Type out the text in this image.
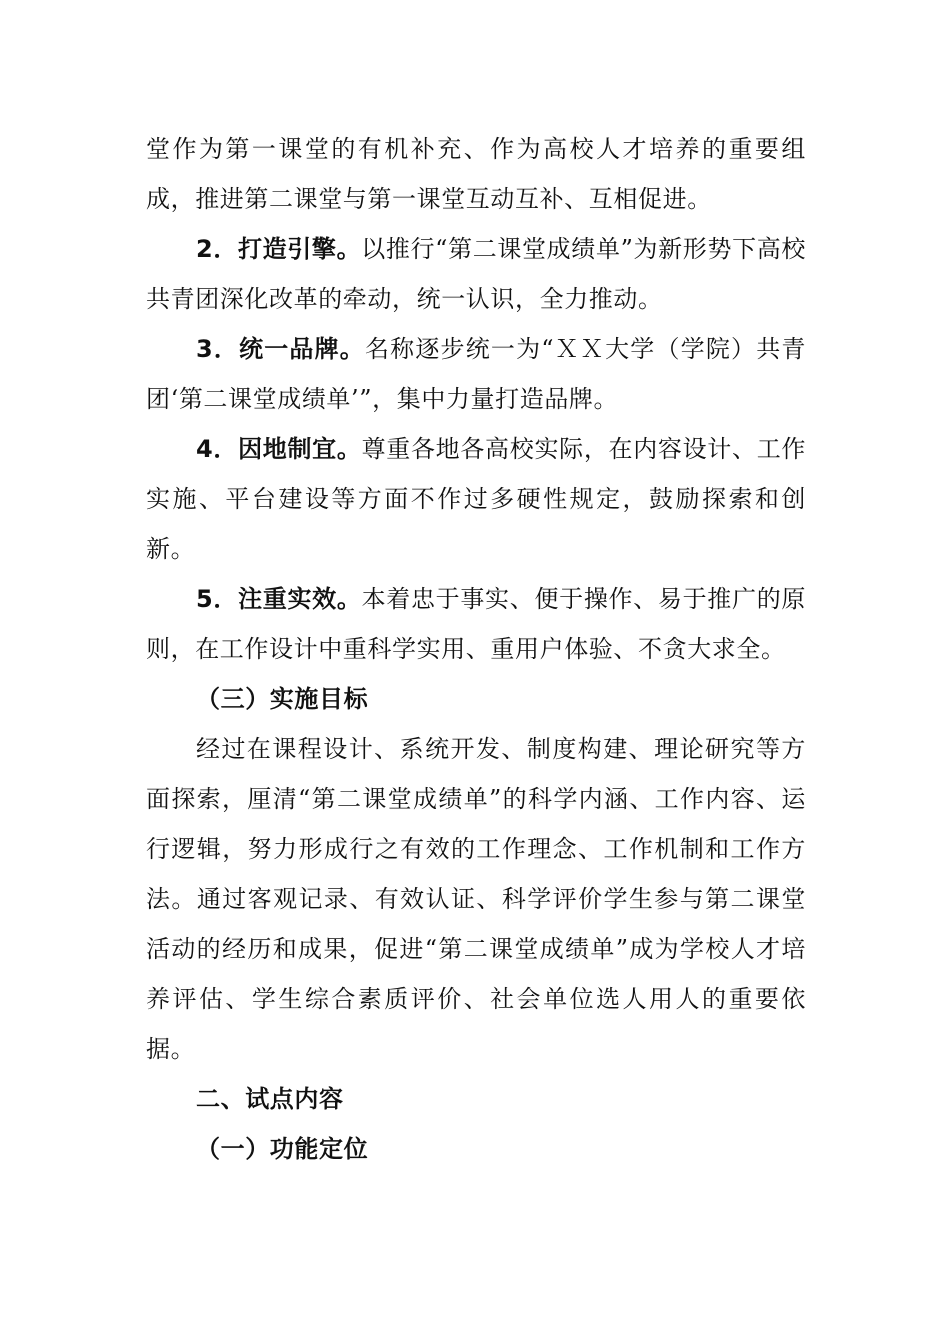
堂作为第一课堂的有机补充、作为高校人才培养的重要组成，推进第二课堂与第一课堂互动互补、互相促进。

2．打造引擎。以推行“第二课堂成绩单”为新形势下高校共青团深化改革的牵动，统一认识，全力推动。

3．统一品牌。名称逐步统一为“ＸＸ大学（学院）共青团‘第二课堂成绩单’”，集中力量打造品牌。

4．因地制宜。尊重各地各高校实际，在内容设计、工作实施、平台建设等方面不作过多硬性规定，鼓励探索和创新。

5．注重实效。本着忠于事实、便于操作、易于推广的原则，在工作设计中重科学实用、重用户体验、不贪大求全。

（三）实施目标

经过在课程设计、系统开发、制度构建、理论研究等方面探索，厘清“第二课堂成绩单”的科学内涵、工作内容、运行逻辑，努力形成行之有效的工作理念、工作机制和工作方法。通过客观记录、有效认证、科学评价学生参与第二课堂活动的经历和成果，促进“第二课堂成绩单”成为学校人才培养评估、学生综合素质评价、社会单位选人用人的重要依据。

二、试点内容

（一）功能定位
